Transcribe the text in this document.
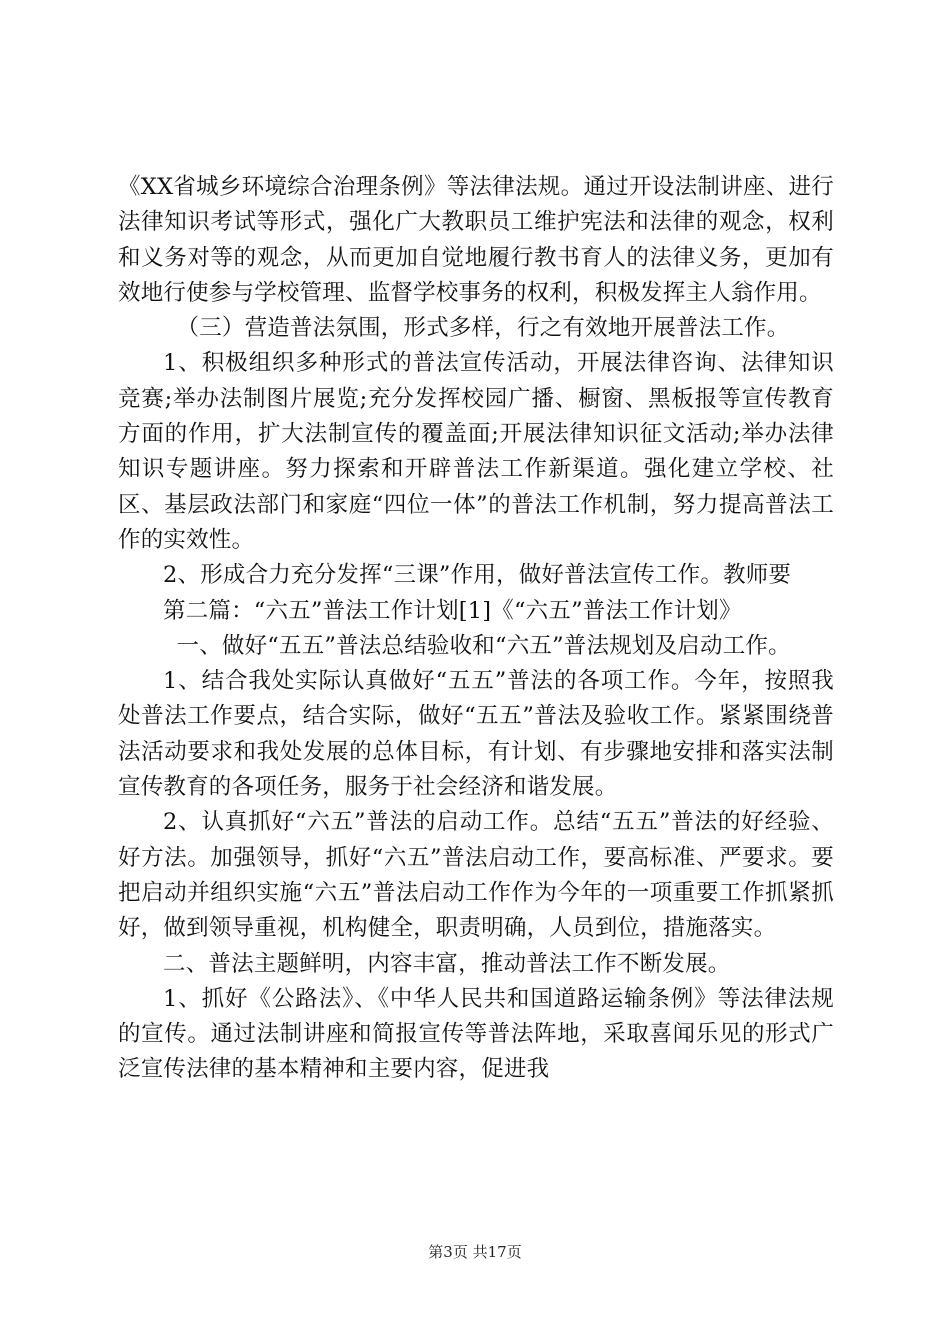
《XX省城乡环境综合治理条例》等法律法规。通过开设法制讲座、进行法律知识考试等形式，强化广大教职员工维护宪法和法律的观念，权利和义务对等的观念，从而更加自觉地履行教书育人的法律义务，更加有效地行使参与学校管理、监督学校事务的权利，积极发挥主人翁作用。

（三）营造普法氛围，形式多样，行之有效地开展普法工作。

1、积极组织多种形式的普法宣传活动，开展法律咨询、法律知识竞赛;举办法制图片展览;充分发挥校园广播、橱窗、黑板报等宣传教育方面的作用，扩大法制宣传的覆盖面;开展法律知识征文活动;举办法律知识专题讲座。努力探索和开辟普法工作新渠道。强化建立学校、社区、基层政法部门和家庭“四位一体”的普法工作机制，努力提高普法工作的实效性。

2、形成合力充分发挥“三课”作用，做好普法宣传工作。教师要

第二篇：“六五”普法工作计划[1]《“六五”普法工作计划》

一、做好“五五”普法总结验收和“六五”普法规划及启动工作。

1、结合我处实际认真做好“五五”普法的各项工作。今年，按照我处普法工作要点，结合实际，做好“五五”普法及验收工作。紧紧围绕普法活动要求和我处发展的总体目标，有计划、有步骤地安排和落实法制宣传教育的各项任务，服务于社会经济和谐发展。

2、认真抓好“六五”普法的启动工作。总结“五五”普法的好经验、好方法。加强领导，抓好“六五”普法启动工作，要高标准、严要求。要把启动并组织实施“六五”普法启动工作作为今年的一项重要工作抓紧抓好，做到领导重视，机构健全，职责明确，人员到位，措施落实。

二、普法主题鲜明，内容丰富，推动普法工作不断发展。

1、抓好《公路法》、《中华人民共和国道路运输条例》等法律法规的宣传。通过法制讲座和简报宣传等普法阵地，采取喜闻乐见的形式广泛宣传法律的基本精神和主要内容，促进我

第3页 共17页
